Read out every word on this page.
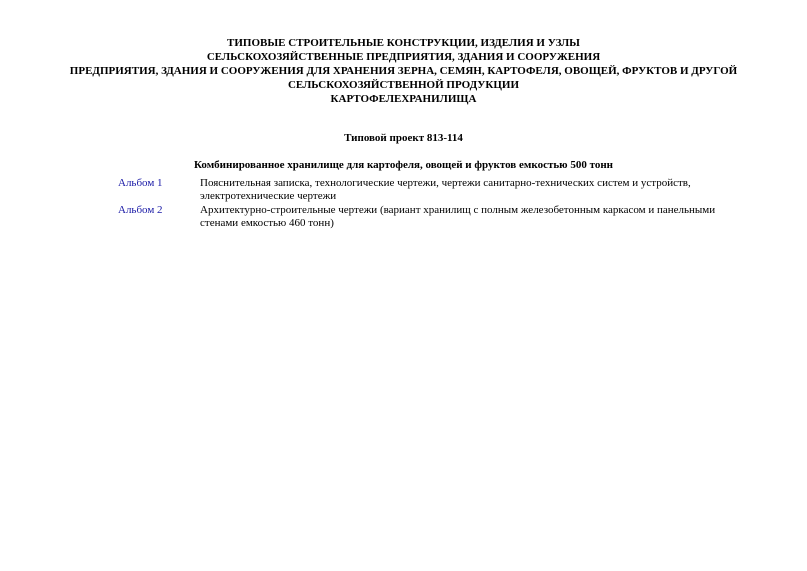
ТИПОВЫЕ СТРОИТЕЛЬНЫЕ КОНСТРУКЦИИ, ИЗДЕЛИЯ И УЗЛЫ
СЕЛЬСКОХОЗЯЙСТВЕННЫЕ ПРЕДПРИЯТИЯ, ЗДАНИЯ И СООРУЖЕНИЯ
ПРЕДПРИЯТИЯ, ЗДАНИЯ И СООРУЖЕНИЯ ДЛЯ ХРАНЕНИЯ ЗЕРНА, СЕМЯН, КАРТОФЕЛЯ, ОВОЩЕЙ, ФРУКТОВ И ДРУГОЙ
СЕЛЬСКОХОЗЯЙСТВЕННОЙ ПРОДУКЦИИ
КАРТОФЕЛЕХРАНИЛИЩА
Типовой проект 813-114
Комбинированное хранилище для картофеля, овощей и фруктов емкостью 500 тонн
Альбом 1	Пояснительная записка, технологические чертежи, чертежи санитарно-технических систем и устройств, электротехнические чертежи
Альбом 2	Архитектурно-строительные чертежи (вариант хранилищ с полным железобетонным каркасом и панельными стенами емкостью 460 тонн)
